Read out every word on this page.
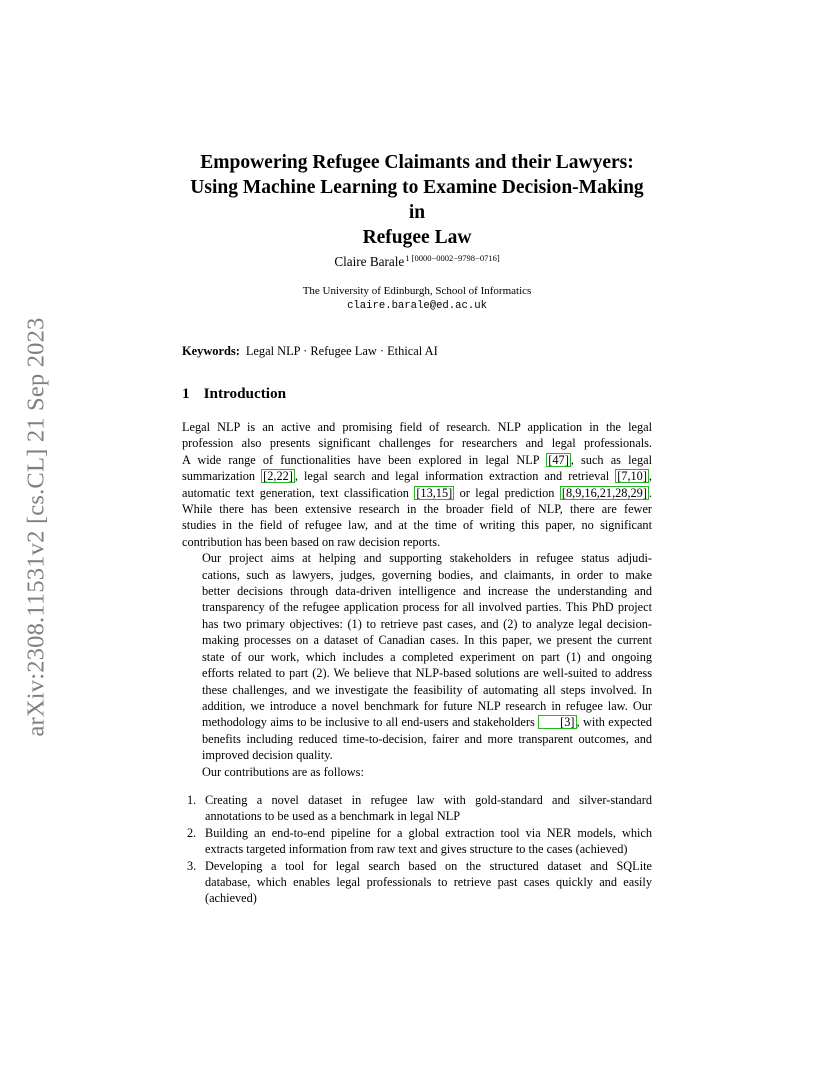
arXiv:2308.11531v2 [cs.CL] 21 Sep 2023
Empowering Refugee Claimants and their Lawyers:
Using Machine Learning to Examine Decision-Making in
Refugee Law
Claire Barale$^{1 [0000-0002-9798-0716]}$
The University of Edinburgh, School of Informatics
claire.barale@ed.ac.uk
Keywords: Legal NLP · Refugee Law · Ethical AI
1 Introduction

Legal NLP is an active and promising field of research. NLP application in the legal
profession also presents significant challenges for researchers and legal professionals.
A wide range of functionalities have been explored in legal NLP [47] , such as legal
summarization [2,22] , legal search and legal information extraction and retrieval [7,10] ,
automatic text generation, text classification [13,15] or legal prediction [8,9,16,21,28,29] .
While there has been extensive research in the broader field of NLP, there are fewer
studies in the field of refugee law, and at the time of writing this paper, no significant
contribution has been based on raw decision reports.

Our project aims at helping and supporting stakeholders in refugee status adjudi-
cations, such as lawyers, judges, governing bodies, and claimants, in order to make
better decisions through data-driven intelligence and increase the understanding and
transparency of the refugee application process for all involved parties. This PhD project
has two primary objectives: (1) to retrieve past cases, and (2) to analyze legal decision-
making processes on a dataset of Canadian cases. In this paper, we present the current
state of our work, which includes a completed experiment on part (1) and ongoing
efforts related to part (2). We believe that NLP-based solutions are well-suited to address
these challenges, and we investigate the feasibility of automating all steps involved. In
addition, we introduce a novel benchmark for future NLP research in refugee law. Our
methodology aims to be inclusive to all end-users and stakeholders [3] , with expected
benefits including reduced time-to-decision, fairer and more transparent outcomes, and
improved decision quality.

Our contributions are as follows:

1. Creating a novel dataset in refugee law with gold-standard and silver-standard
annotations to be used as a benchmark in legal NLP
2. Building an end-to-end pipeline for a global extraction tool via NER models, which
extracts targeted information from raw text and gives structure to the cases (achieved)
3. Developing a tool for legal search based on the structured dataset and SQLite
database, which enables legal professionals to retrieve past cases quickly and easily
(achieved)
